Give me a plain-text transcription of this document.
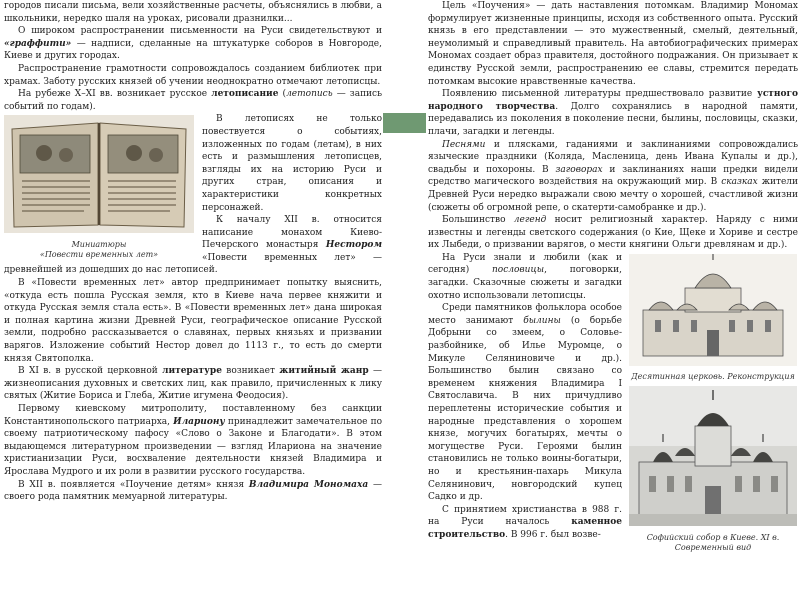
городов писали письма, вели хозяйственные расчеты, объяснялись в любви, а школьники, нередко шаля на уроках, рисовали дразнилки...

О широком распространении письменности на Руси свидетельствуют и «граффити» — надписи, сделанные на штукатурке соборов в Новгороде, Киеве и других городах.

Распространение грамотности сопровождалось созданием библиотек при храмах. Заботу русских князей об учении неоднократно отмечают летописцы.

На рубеже X–XI вв. возникает русское летописание (летопись — запись событий по годам).

Миниатюры
«Повести временных лет»

В летописях не только повествуется о событиях, изложенных по годам (летам), в них есть и размышления летописцев, взгляды их на историю Руси и других стран, описания и характеристики конкретных персонажей.

К началу XII в. относится написание монахом Киево-Печерского монастыря Нестором «Повести временных лет» — древнейшей из дошедших до нас летописей.

В «Повести временных лет» автор предпринимает попытку выяснить, «откуда есть пошла Русская земля, кто в Киеве нача первее княжити и откуда Русская земля стала есть». В «Повести временных лет» дана широкая и полная картина жизни Древней Руси, географическое описание Русской земли, подробно рассказывается о славянах, первых князьях и призвании варягов. Изложение событий Нестор довел до 1113 г., то есть до смерти князя Святополка.

В XI в. в русской церковной литературе возникает житийный жанр — жизнеописания духовных и светских лиц, как правило, причисленных к лику святых (Житие Бориса и Глеба, Житие игумена Феодосия).

Первому киевскому митрополиту, поставленному без санкции Константинопольского патриарха, Илариону принадлежит замечательное по своему патриотическому пафосу «Слово о Законе и Благодати». В этом выдающемся литературном произведении — взгляд Илариона на значение христианизации Руси, восхваление деятельности князей Владимира и Ярослава Мудрого и их роли в развитии русского государства.

В XII в. появляется «Поучение детям» князя Владимира Мономаха — своего рода памятник мемуарной литературы.

Цель «Поучения» — дать наставления потомкам. Владимир Мономах формулирует жизненные принципы, исходя из собственного опыта. Русский князь в его представлении — это мужественный, смелый, деятельный, неумолимый и справедливый правитель. На автобиографических примерах Мономах создает образ правителя, достойного подражания. Он призывает к единству Русской земли, распространению ее славы, стремится передать потомкам высокие нравственные качества.

Появлению письменной литературы предшествовало развитие устного народного творчества. Долго сохранялись в народной памяти, передавались из поколения в поколение песни, былины, пословицы, сказки, плачи, загадки и легенды.

Песнями и плясками, гаданиями и заклинаниями сопровождались языческие праздники (Коляда, Масленица, день Ивана Купалы и др.), свадьбы и похороны. В заговорах и заклинаниях наши предки видели средство магического воздействия на окружающий мир. В сказках жители Древней Руси нередко выражали свою мечту о хорошей, счастливой жизни (сюжеты об огромной репе, о скатерти-самобранке и др.).

Большинство легенд носит религиозный характер. Наряду с ними известны и легенды светского содержания (о Кие, Щеке и Хориве и сестре их Лыбеди, о призвании варягов, о мести княгини Ольги древлянам и др.).

Десятинная церковь. Реконструкция
Софийский собор в Киеве. XI в. Современный вид

На Руси знали и любили (как и сегодня) пословицы, поговорки, загадки. Сказочные сюжеты и загадки охотно использовали летописцы.

Среди памятников фольклора особое место занимают былины (о борьбе Добрыни со змеем, о Соловье-разбойнике, об Илье Муромце, о Микуле Селяниновиче и др.). Большинство былин связано со временем княжения Владимира I Святославича. В них причудливо переплетены исторические события и народные представления о хорошем князе, могучих богатырях, мечты о могуществе Руси. Героями былин становились не только воины-богатыри, но и крестьянин-пахарь Микула Селянинович, новгородский купец Садко и др.

С принятием христианства в 988 г. на Руси началось каменное строительство. В 996 г. был возве-
